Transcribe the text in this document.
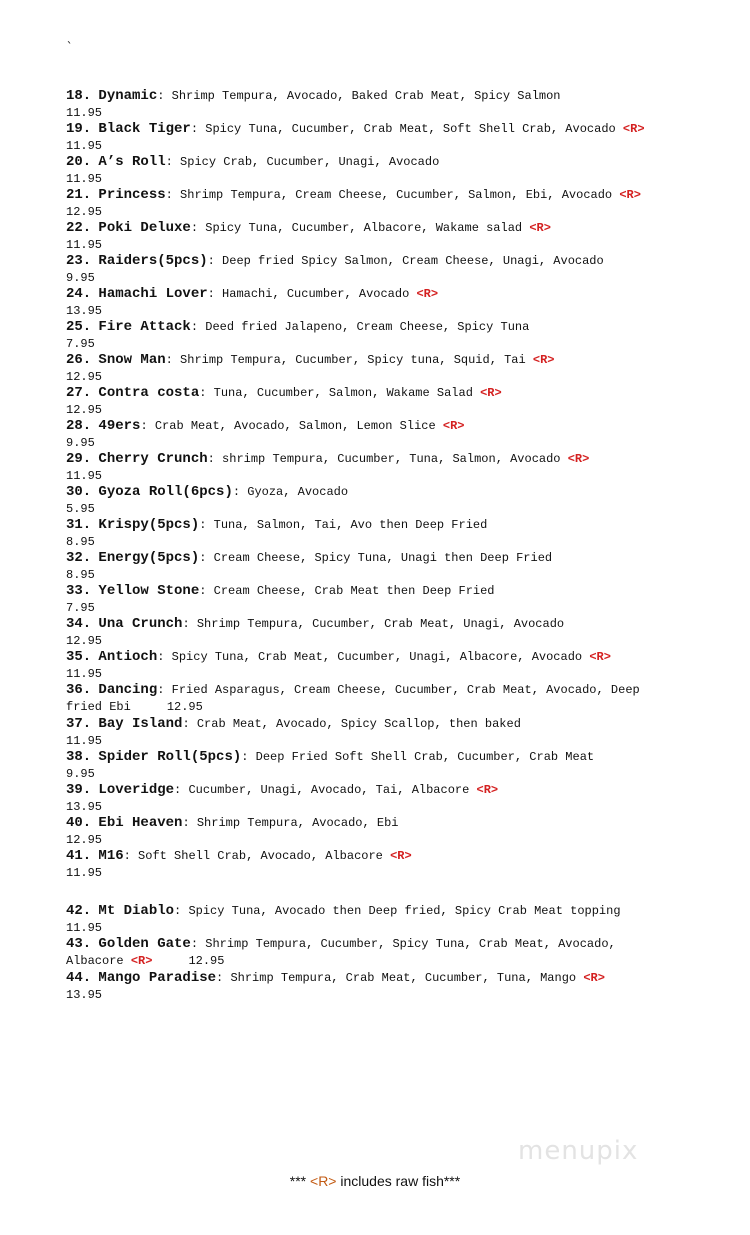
`
18. Dynamic: Shrimp Tempura, Avocado, Baked Crab Meat, Spicy Salmon
11.95
19. Black Tiger: Spicy Tuna, Cucumber, Crab Meat, Soft Shell Crab, Avocado <R>
11.95
20. A’s Roll: Spicy Crab, Cucumber, Unagi, Avocado
11.95
21. Princess: Shrimp Tempura, Cream Cheese, Cucumber, Salmon, Ebi, Avocado <R>
12.95
22. Poki Deluxe: Spicy Tuna, Cucumber, Albacore, Wakame salad <R>
11.95
23. Raiders(5pcs): Deep fried Spicy Salmon, Cream Cheese, Unagi, Avocado
9.95
24. Hamachi Lover: Hamachi, Cucumber, Avocado <R>
13.95
25. Fire Attack: Deed fried Jalapeno, Cream Cheese, Spicy Tuna
7.95
26. Snow Man: Shrimp Tempura, Cucumber, Spicy tuna, Squid, Tai <R>
12.95
27. Contra costa: Tuna, Cucumber, Salmon, Wakame Salad <R>
12.95
28. 49ers: Crab Meat, Avocado, Salmon, Lemon Slice <R>
9.95
29. Cherry Crunch: shrimp Tempura, Cucumber, Tuna, Salmon, Avocado <R>
11.95
30. Gyoza Roll(6pcs): Gyoza, Avocado
5.95
31. Krispy(5pcs): Tuna, Salmon, Tai, Avo then Deep Fried
8.95
32. Energy(5pcs): Cream Cheese, Spicy Tuna, Unagi then Deep Fried
8.95
33. Yellow Stone: Cream Cheese, Crab Meat then Deep Fried
7.95
34. Una Crunch: Shrimp Tempura, Cucumber, Crab Meat, Unagi, Avocado
12.95
35. Antioch: Spicy Tuna, Crab Meat, Cucumber, Unagi, Albacore, Avocado <R>
11.95
36. Dancing: Fried Asparagus, Cream Cheese, Cucumber, Crab Meat, Avocado, Deep fried Ebi	12.95
37. Bay Island: Crab Meat, Avocado, Spicy Scallop, then baked
11.95
38. Spider Roll(5pcs): Deep Fried Soft Shell Crab, Cucumber, Crab Meat
9.95
39. Loveridge: Cucumber, Unagi, Avocado, Tai, Albacore <R>
13.95
40. Ebi Heaven: Shrimp Tempura, Avocado, Ebi
12.95
41. M16: Soft Shell Crab, Avocado, Albacore <R>
11.95
42. Mt Diablo: Spicy Tuna, Avocado then Deep fried, Spicy Crab Meat topping
11.95
43. Golden Gate: Shrimp Tempura, Cucumber, Spicy Tuna, Crab Meat, Avocado, Albacore <R>	12.95
44. Mango Paradise: Shrimp Tempura, Crab Meat, Cucumber, Tuna, Mango <R>
13.95
menupix
*** <R> includes raw fish***
